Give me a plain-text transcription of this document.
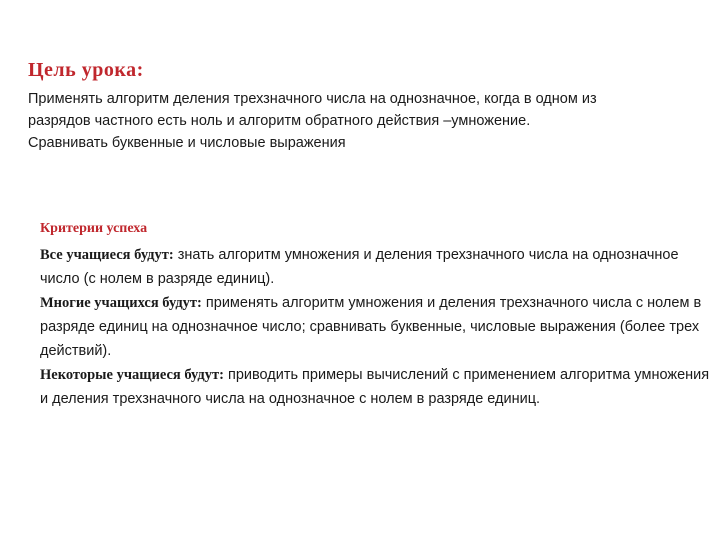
Цель урока:

Применять алгоритм деления трехзначного числа на однозначное, когда в одном из

разрядов частного есть ноль и алгоритм обратного действия –умножение.

Сравнивать буквенные и числовые выражения

Критерии успеха

Все учащиеся будут: знать алгоритм умножения и деления трехзначного числа на однозначное число (с нолем в разряде единиц).

Многие учащихся будут: применять алгоритм умножения и деления трехзначного числа с нолем в разряде единиц на однозначное число; сравнивать буквенные, числовые выражения (более трех действий).

Некоторые учащиеся будут: приводить примеры вычислений с применением алгоритма умножения и деления трехзначного числа на однозначное с нолем в разряде единиц.
